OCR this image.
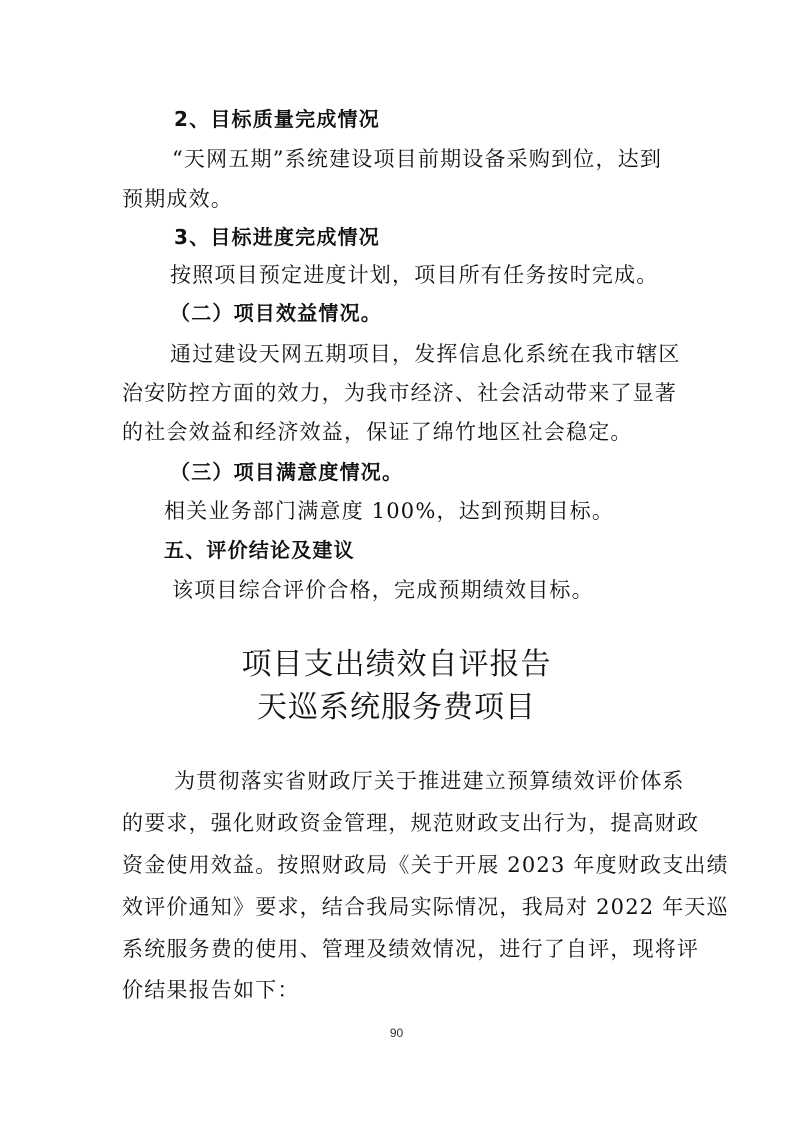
2、目标质量完成情况
“天网五期”系统建设项目前期设备采购到位，达到
预期成效。
3、目标进度完成情况
按照项目预定进度计划，项目所有任务按时完成。
（二）项目效益情况。
通过建设天网五期项目，发挥信息化系统在我市辖区
治安防控方面的效力，为我市经济、社会活动带来了显著
的社会效益和经济效益，保证了绵竹地区社会稳定。
（三）项目满意度情况。
相关业务部门满意度 100%，达到预期目标。
五、评价结论及建议
该项目综合评价合格，完成预期绩效目标。
项目支出绩效自评报告
天巡系统服务费项目
为贯彻落实省财政厅关于推进建立预算绩效评价体系
的要求，强化财政资金管理，规范财政支出行为，提高财政
资金使用效益。按照财政局《关于开展 2023 年度财政支出绩
效评价通知》要求，结合我局实际情况，我局对 2022 年天巡
系统服务费的使用、管理及绩效情况，进行了自评，现将评
价结果报告如下：
90
